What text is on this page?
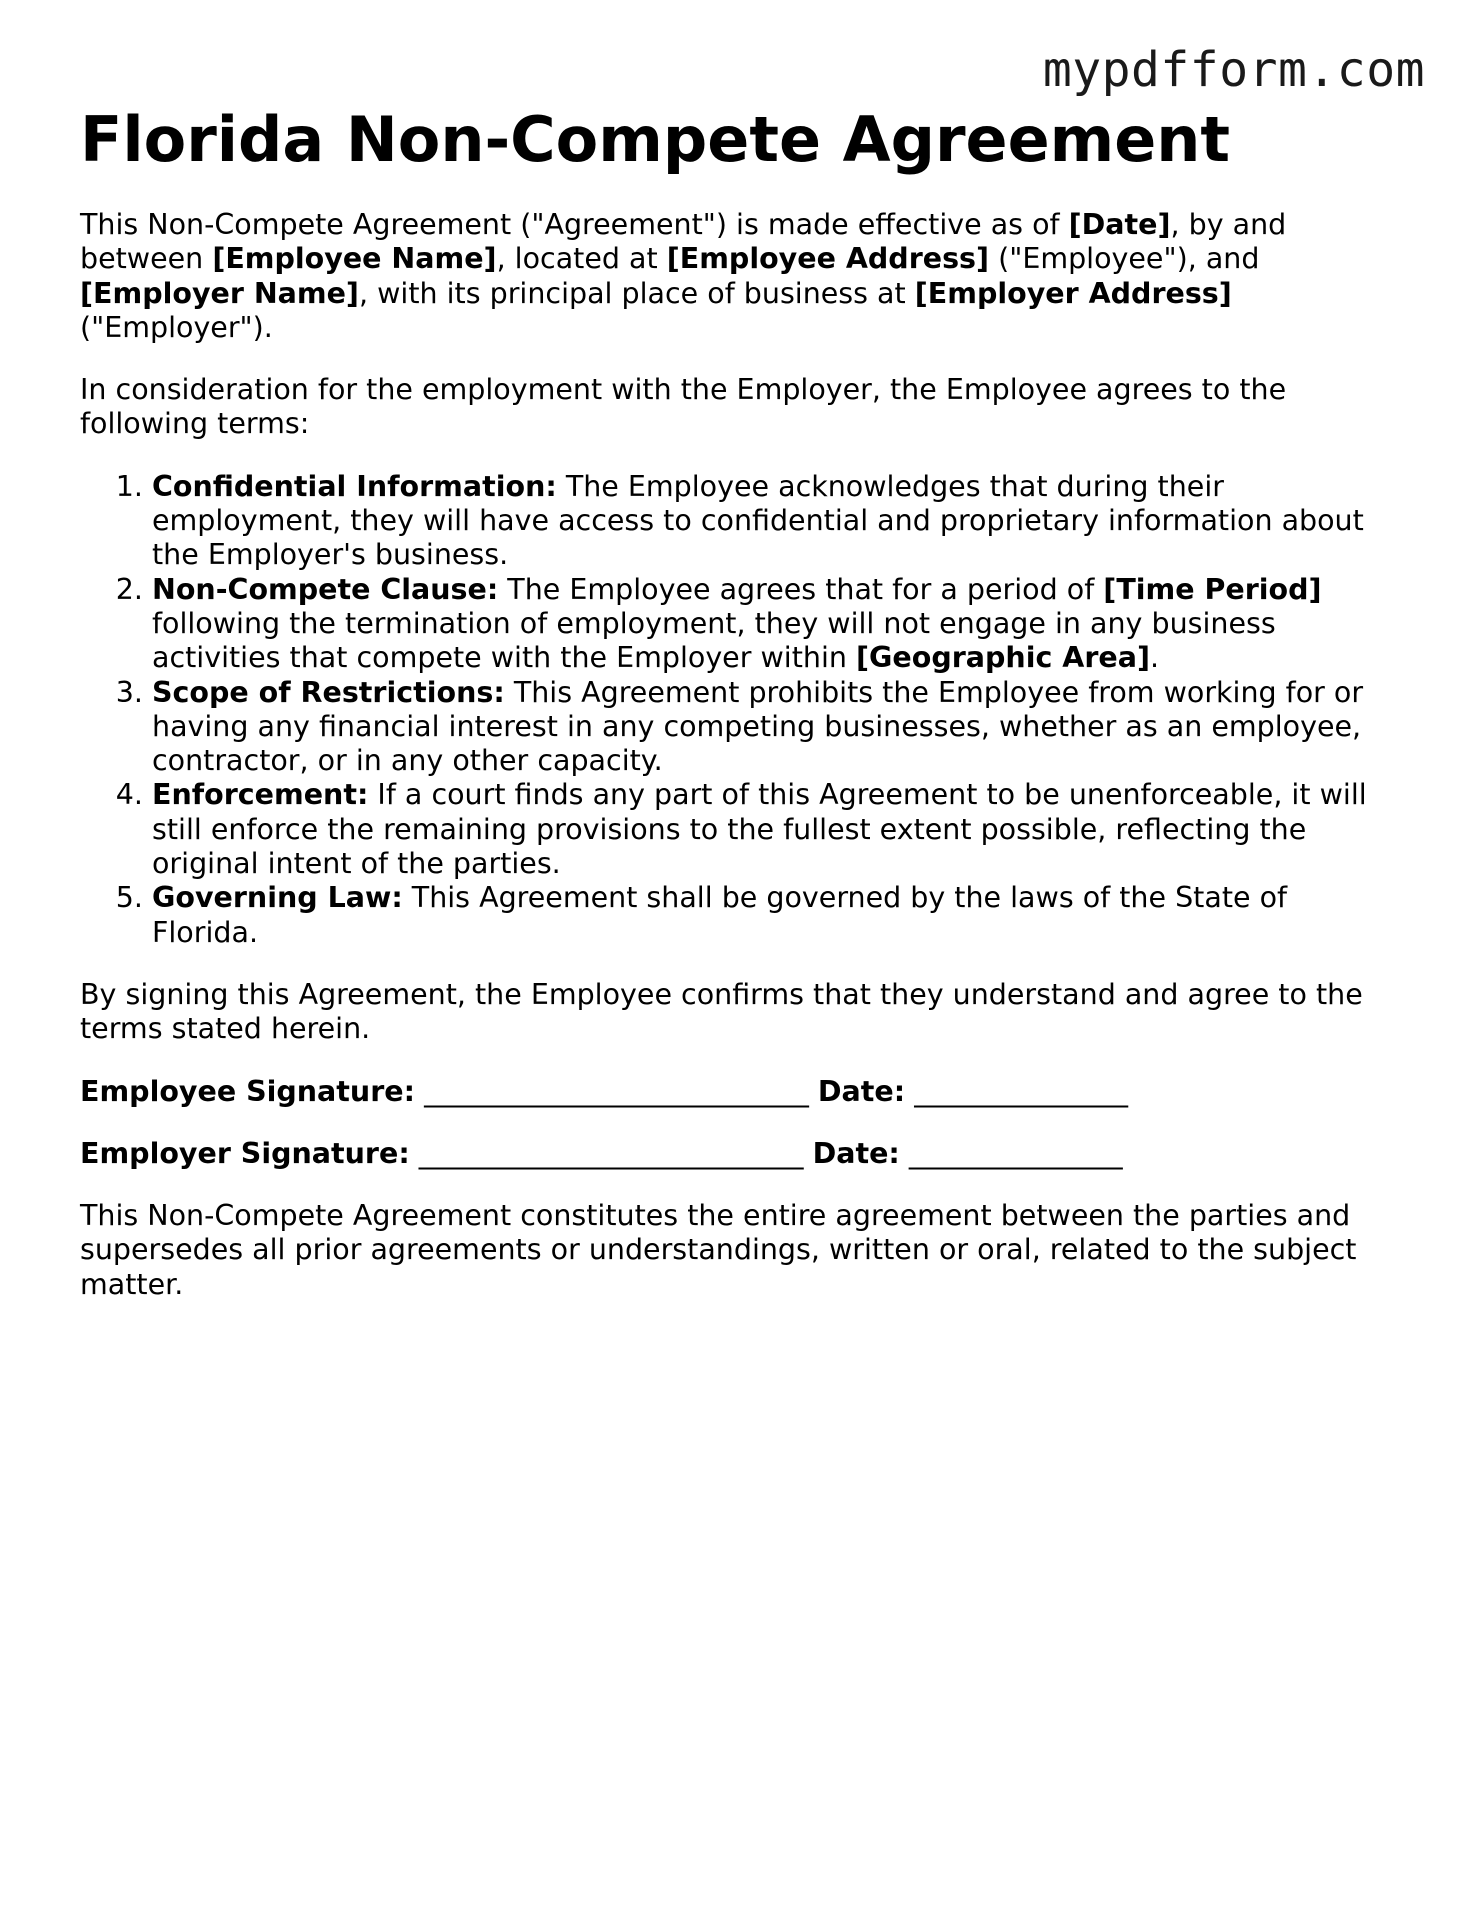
mypdfform.com
Florida Non-Compete Agreement

This Non-Compete Agreement ("Agreement") is made effective as of [Date], by and between [Employee Name], located at [Employee Address] ("Employee"), and [Employer Name], with its principal place of business at [Employer Address] ("Employer").

In consideration for the employment with the Employer, the Employee agrees to the following terms:

1. Confidential Information: The Employee acknowledges that during their employment, they will have access to confidential and proprietary information about the Employer's business.
2. Non-Compete Clause: The Employee agrees that for a period of [Time Period] following the termination of employment, they will not engage in any business activities that compete with the Employer within [Geographic Area].
3. Scope of Restrictions: This Agreement prohibits the Employee from working for or having any financial interest in any competing businesses, whether as an employee, contractor, or in any other capacity.
4. Enforcement: If a court finds any part of this Agreement to be unenforceable, it will still enforce the remaining provisions to the fullest extent possible, reflecting the original intent of the parties.
5. Governing Law: This Agreement shall be governed by the laws of the State of Florida.

By signing this Agreement, the Employee confirms that they understand and agree to the terms stated herein.

Employee Signature: ___________________________ Date: _______________
Employer Signature: ___________________________ Date: _______________

This Non-Compete Agreement constitutes the entire agreement between the parties and supersedes all prior agreements or understandings, written or oral, related to the subject matter.
